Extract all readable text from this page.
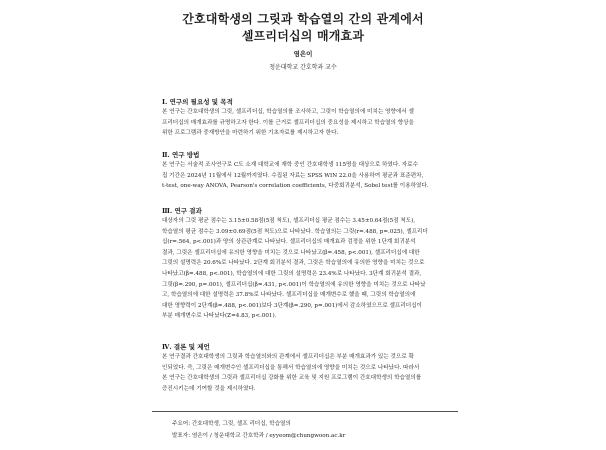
간호대학생의 그릿과 학습열의 간의 관계에서
셀프리더십의 매개효과
염은이
청운대학교 간호학과 교수

Ⅰ. 연구의 필요성 및 목적

본 연구는 간호대학생의 그릿, 셀프리더십, 학습열의를 조사하고, 그릿이 학습열의에 미치는 영향에서 셀
프리더십의 매개효과를 규명하고자 한다. 이를 근거로 셀프리더십의 중요성을 제시하고 학습열의 향상을
위한 프로그램과 중재방안을 마련하기 위한 기초자료를 제시하고자 한다.

Ⅱ. 연구 방법

본 연구는 서술적 조사연구로 C도 소재 대학교에 재학 중인 간호대학생 115명을 대상으로 하였다. 자료수
집 기간은 2024년 11월에서 12월까지였다. 수집된 자료는 SPSS WIN 22.0을 사용하여 평균과 표준편차,
t-test, one-way ANOVA, Pearson's correlation coefficients, 다중회귀분석, Sobel test를 이용하였다.

Ⅲ. 연구 결과

대상자의 그릿 평균 점수는 3.15±0.58점(5점 척도), 셀프리더십 평균 점수는 3.45±0.64점(5점 척도),
학습열의 평균 점수는 3.09±0.69점(5점 척도)으로 나타났다. 학습열의는 그릿(r=.488, p=.025), 셀프리더
십(r=.564, p<.001)과 양의 상관관계로 나타났다. 셀프리더십의 매개효과 검정을 위한 1단계 회귀분석
결과, 그릿은 셀프리더십에 유의한 영향을 미치는 것으로 나타났고(β=.458, p<.001), 셀프리더십에 대한
그릿의 설명력은 20.6%로 나타났다. 2단계 회귀분석 결과, 그릿은 학습열의에 유의한 영향을 미치는 것으로
나타났고(β=.488, p<.001), 학습열의에 대한 그릿의 설명력은 23.4%로 나타났다. 3단계 회귀분석 결과,
그릿(β=.290, p=.001), 셀프리더십(β=.431, p<.001)이 학습열의에 유의한 영향을 미치는 것으로 나타났
고, 학습열의에 대한 설명력은 37.8%로 나타났다. 셀프리더십을 매개변수로 했을 때, 그릿의 학습열의에
대한 영향력이 2단계(β=.488, p<.001)보다 3단계(β=.290, p=.001)에서 감소하였으므로 셀프리더십이
부분 매개변수로 나타났다(Z=4.83, p<.001).

Ⅳ. 결론 및 제언

본 연구결과 간호대학생의 그릿과 학습열의와의 관계에서 셀프리더십은 부분 매개효과가 있는 것으로 확
인되었다. 즉, 그릿은 매개변수인 셀프리더십을 통해서 학습열의에 영향을 미치는 것으로 나타났다. 따라서
본 연구는 간호대학생의 그릿과 셀프리더십 강화를 위한 교육 및 지원 프로그램이 간호대학생의 학습열의를
증진시키는데 기여할 것을 제시하였다.

주요어: 간호대학생, 그릿, 셀프 리더십, 학습열의
발표자: 염은이 / 청운대학교 간호학과 / eyyeom@chungwoon.ac.kr
